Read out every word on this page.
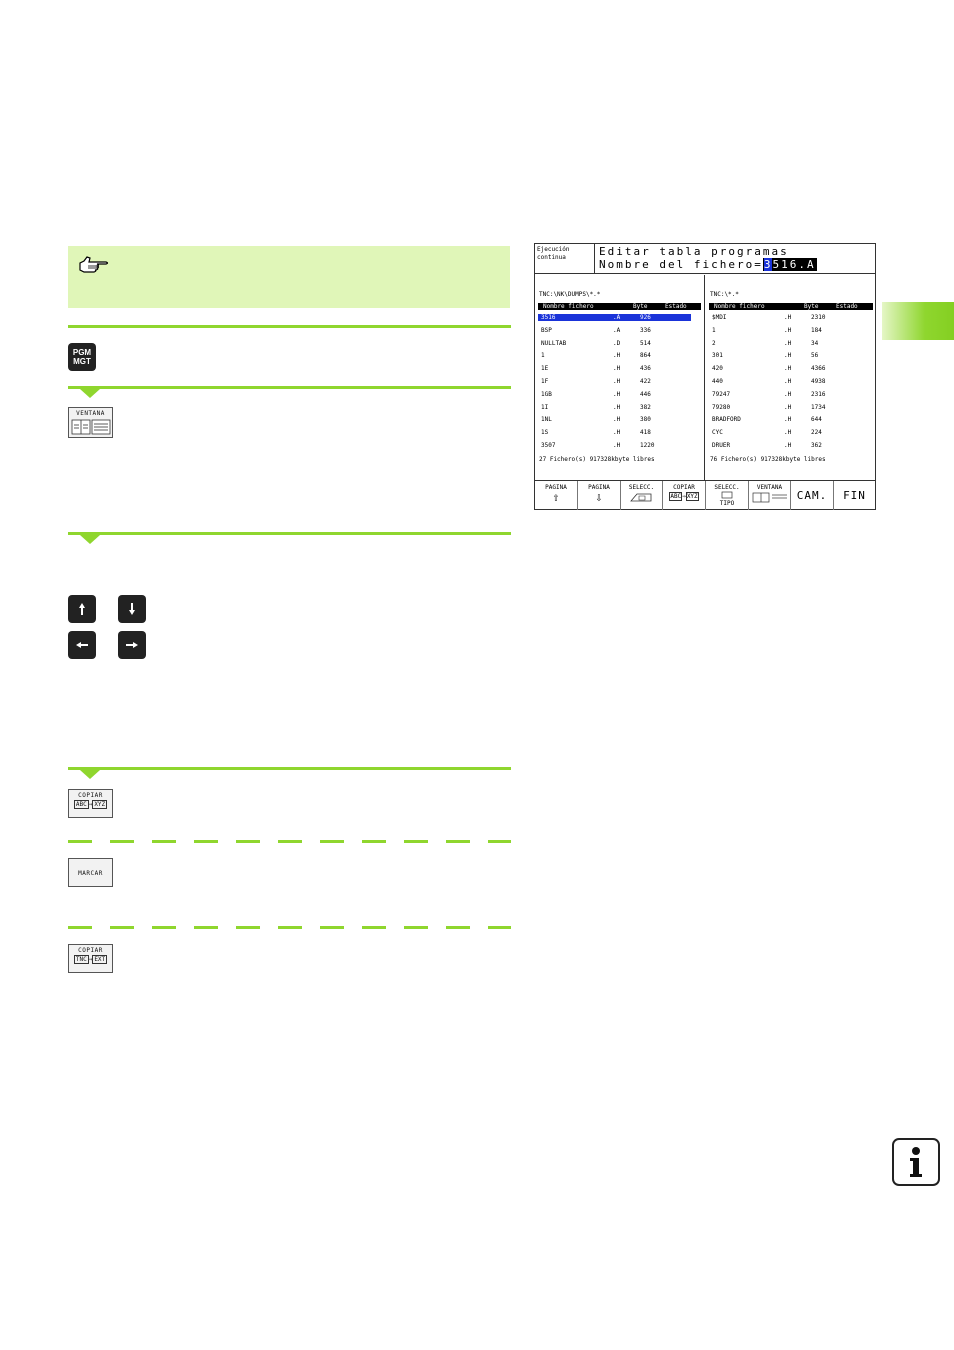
PGM
MGT
VENTANA
COPIAR
ABC ⇒ XYZ
MARCAR
COPIAR
TNC ⇒ EXT
Ejecución
continua	Editar tabla programas
Nombre del fichero=3516.A
TNC:\NK\DUMPS\*.*
Nombre fichero	Byte	Estado
3516	.A	926
BSP	.A	336
NULLTAB	.D	514
1	.H	864
1E	.H	436
1F	.H	422
1GB	.H	446
1I	.H	382
1NL	.H	380
1S	.H	418
3507	.H	1220
27 Fichero(s) 917328kbyte libres
TNC:\*.*
Nombre fichero	Byte	Estado
$MDI	.H	2310
1	.H	184
2	.H	34
301	.H	56
420	.H	4366
440	.H	4938
79247	.H	2316
79280	.H	1734
BRADFORD	.H	644
CYC	.H	224
DRUER	.H	362
76 Fichero(s) 917328kbyte libres
PAGINA
⇧
PAGINA
⇩
SELECC.	COPIAR
ABC⇒XYZ
SELECC.
TIPO
VENTANA
CAM.	FIN
